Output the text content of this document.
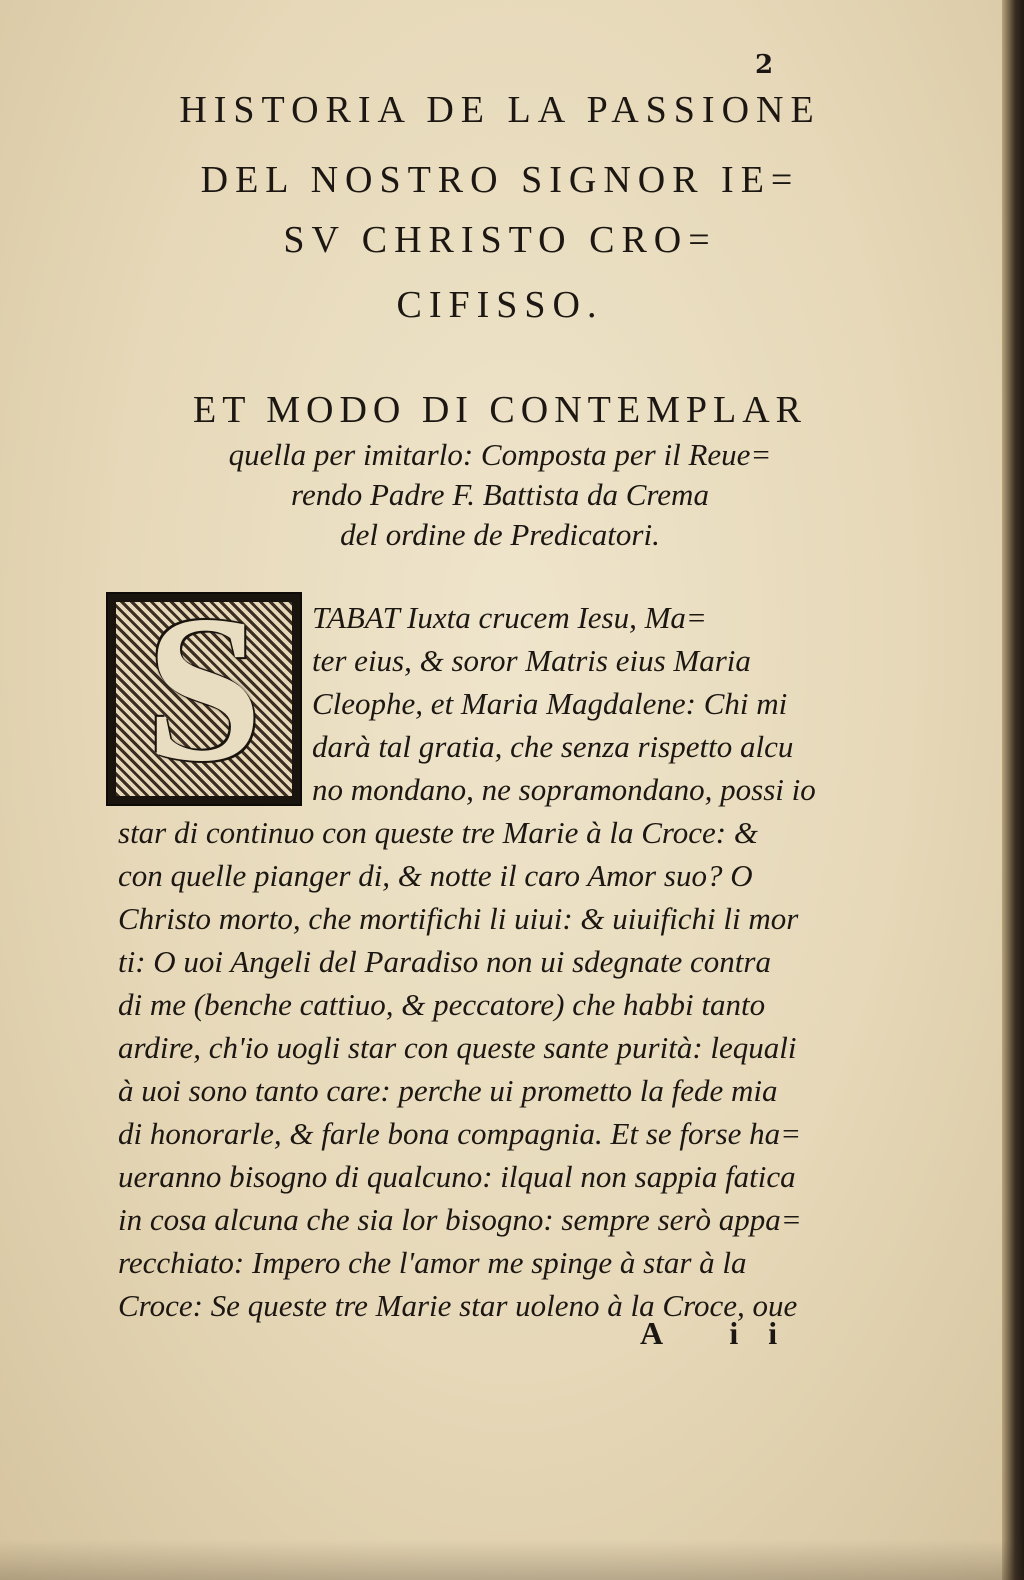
2
HISTORIA DE LA PASSIONE
DEL NOSTRO SIGNOR IE=
SV CHRISTO CRO=
CIFISSO.
ET MODO DI CONTEMPLAR
quella per imitarlo: Composta per il Reue=
rendo Padre F. Battista da Crema
del ordine de Predicatori.
S	TABAT Iuxta crucem Iesu, Ma=
ter eius, & soror Matris eius Maria
Cleophe, et Maria Magdalene: Chi mi
darà tal gratia, che senza rispetto alcu
no mondano, ne sopramondano, possi io
star di continuo con queste tre Marie à la Croce: &
con quelle pianger di, & notte il caro Amor suo? O
Christo morto, che mortifichi li uiui: & uiuifichi li mor
ti: O uoi Angeli del Paradiso non ui sdegnate contra
di me (benche cattiuo, & peccatore) che habbi tanto
ardire, ch'io uogli star con queste sante purità: lequali
à uoi sono tanto care: perche ui prometto la fede mia
di honorarle, & farle bona compagnia. Et se forse ha=
ueranno bisogno di qualcuno: ilqual non sappia fatica
in cosa alcuna che sia lor bisogno: sempre serò appa=
recchiato: Impero che l'amor me spinge à star à la
Croce: Se queste tre Marie star uoleno à la Croce, oue
A ii
